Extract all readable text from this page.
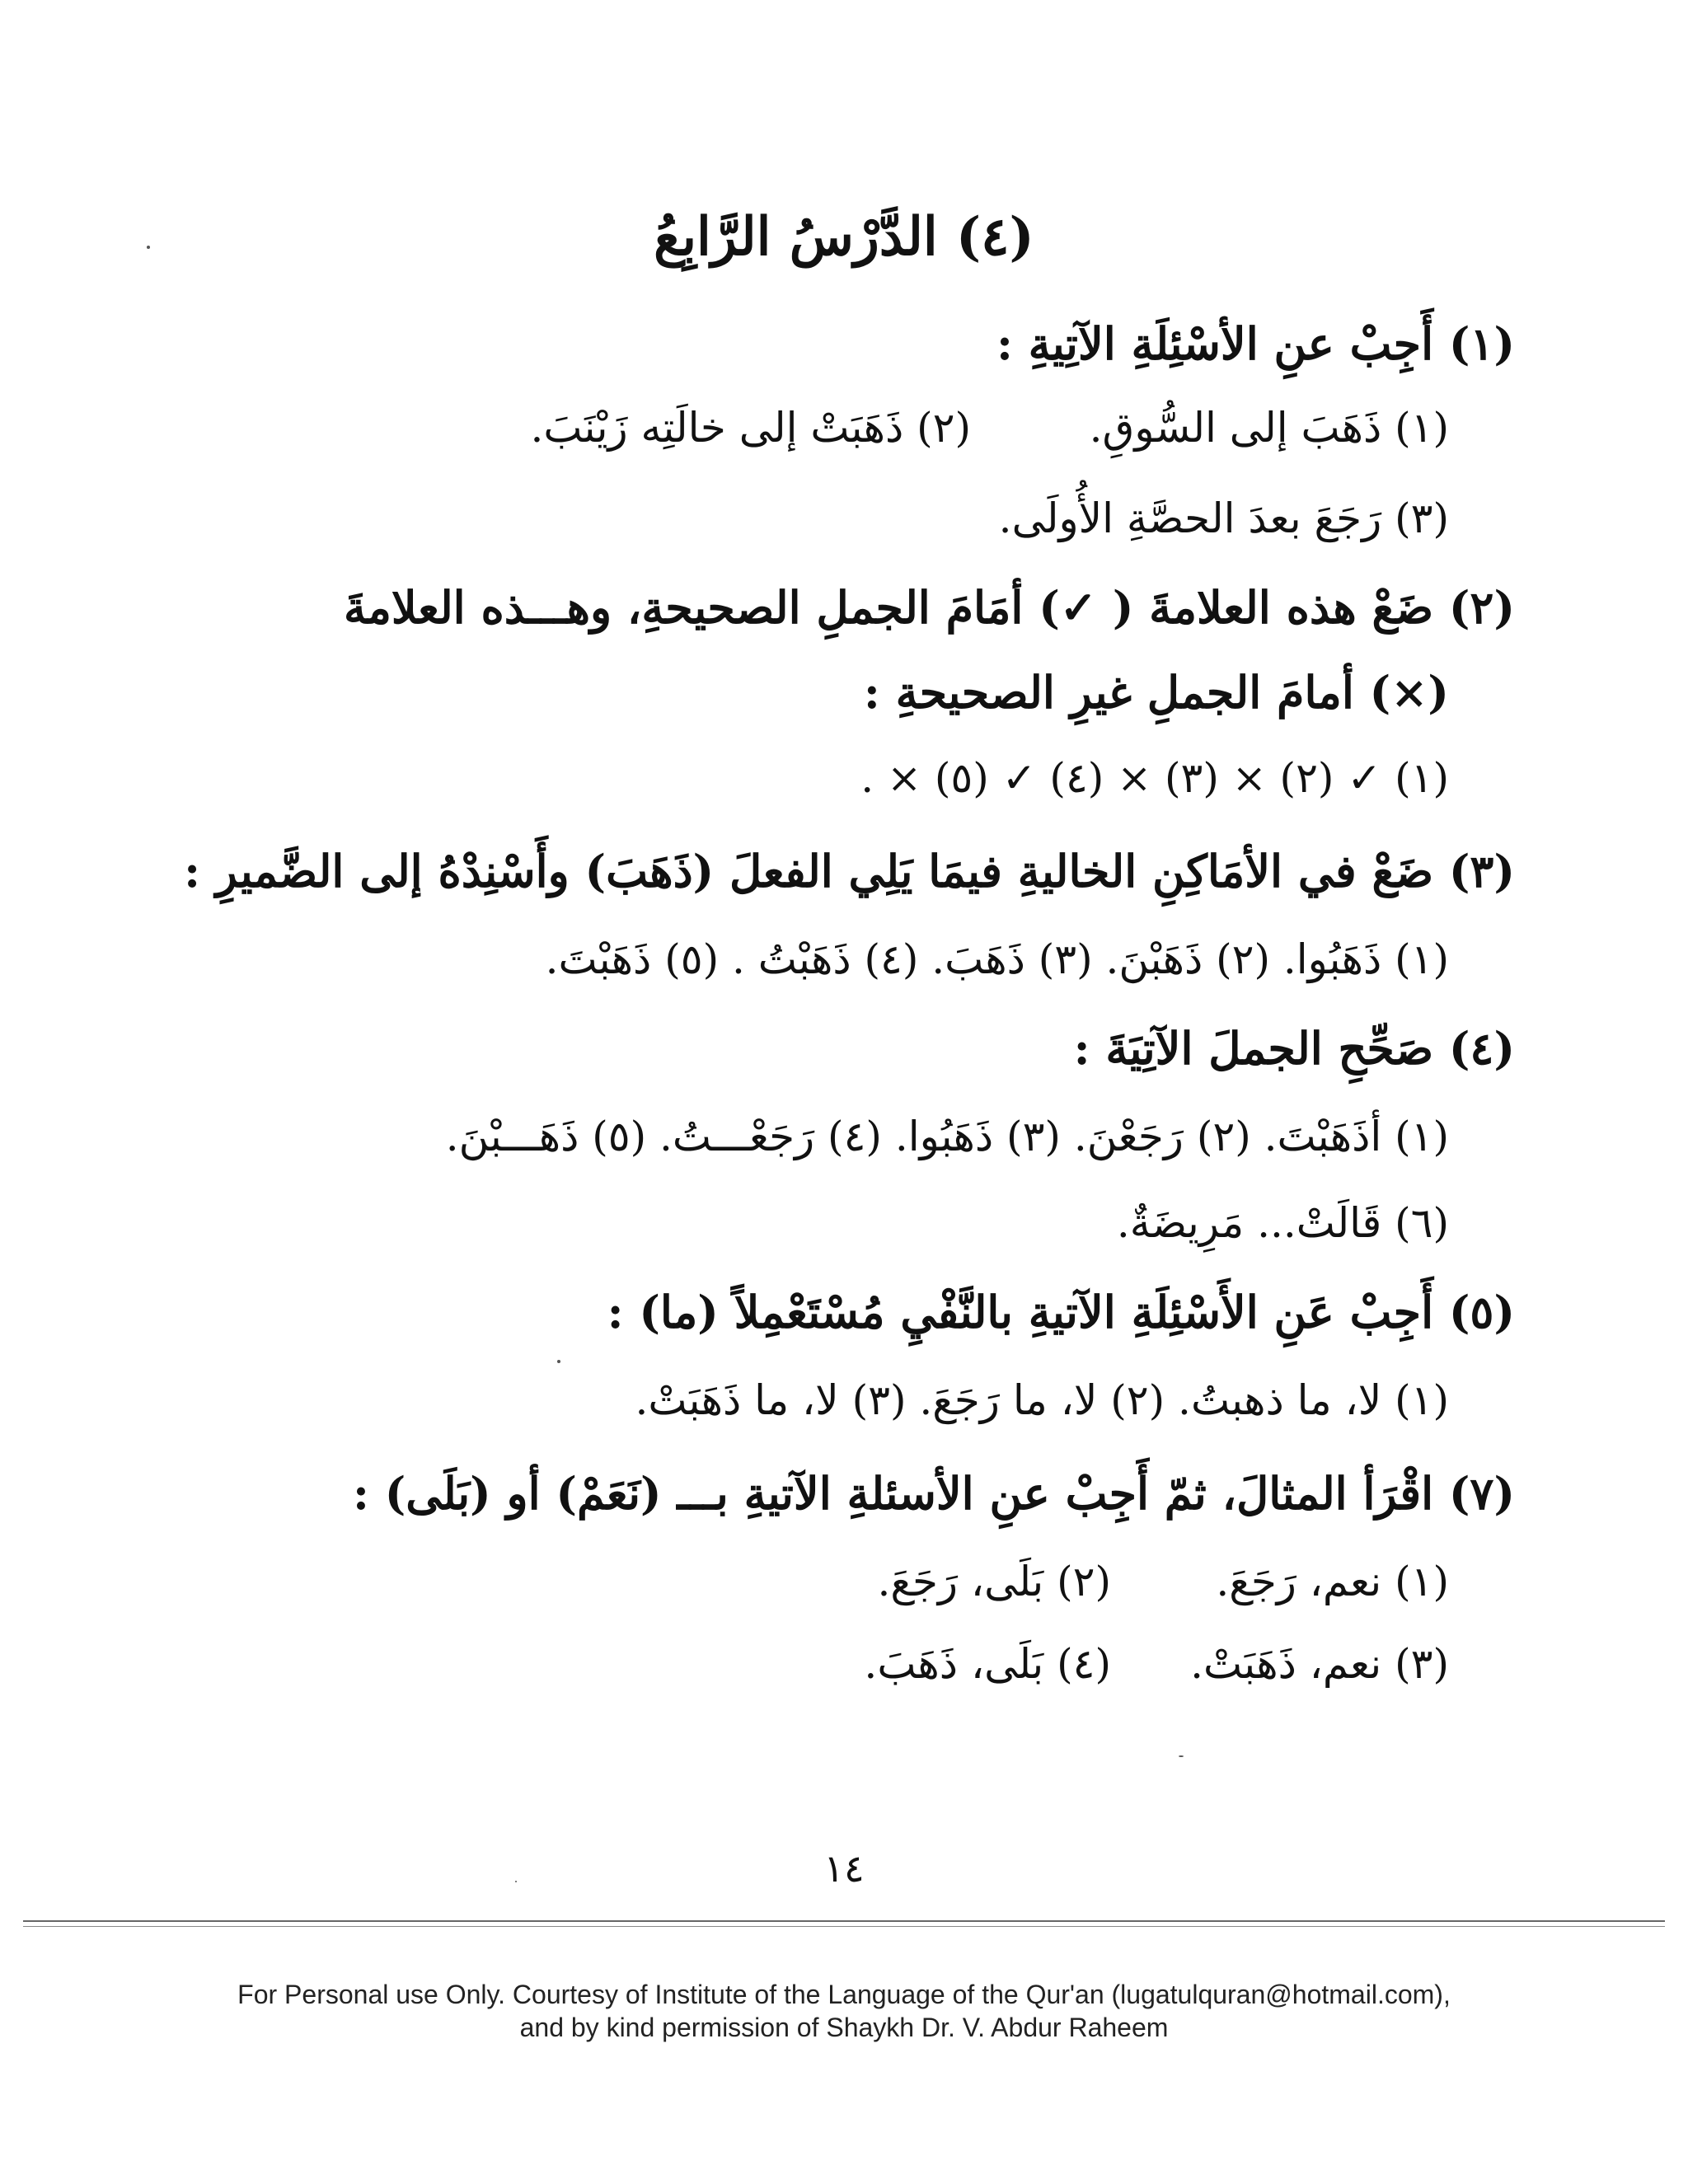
(٤) الدَّرْسُ الرَّابِعُ
(١) أَجِبْ عنِ الأسْئِلَةِ الآتِيةِ :
(١) ذَهَبَ إلى السُّوقِ.
(٢) ذَهَبَتْ إلى خالَتِه زَيْنَبَ.
(٣) رَجَعَ بعدَ الحصَّةِ الأُولَى.
(٢) ضَعْ هذه العلامةَ ( ✓) أمَامَ الجملِ الصحيحةِ، وهـــذه العلامةَ
(×) أمامَ الجملِ غيرِ الصحيحةِ :
(١) ✓ (٢) × (٣) × (٤) ✓ (٥) × .
(٣) ضَعْ في الأمَاكِنِ الخاليةِ فيمَا يَلِي الفعلَ (ذَهَبَ) وأَسْنِدْهُ إلى الضَّميرِ :
(١) ذَهَبُوا. (٢) ذَهَبْنَ. (٣) ذَهَبَ. (٤) ذَهَبْتُ . (٥) ذَهَبْتَ.
(٤) صَحِّحِ الجملَ الآتِيَةَ :
(١) أذَهَبْتَ. (٢) رَجَعْنَ. (٣) ذَهَبُوا. (٤) رَجَعْـــتُ. (٥) ذَهَـــبْنَ.
(٦) قَالَتْ... مَرِيضَةٌ.
(٥) أَجِبْ عَنِ الأَسْئِلَةِ الآتيةِ بالنَّفْيِ مُسْتَعْمِلاً (ما) :
(١) لا، ما ذهبتُ. (٢) لا، ما رَجَعَ. (٣) لا، ما ذَهَبَتْ.
(٧) اقْرَأ المثالَ، ثمّ أَجِبْ عنِ الأسئلةِ الآتيةِ بـــ (نَعَمْ) أو (بَلَى) :
(١) نعم، رَجَعَ.
(٢) بَلَى، رَجَعَ.
(٣) نعم، ذَهَبَتْ.
(٤) بَلَى، ذَهَبَ.
١٤
For Personal use Only. Courtesy of Institute of the Language of the Qur'an (lugatulquran@hotmail.com),
and by kind permission of Shaykh Dr. V. Abdur Raheem
